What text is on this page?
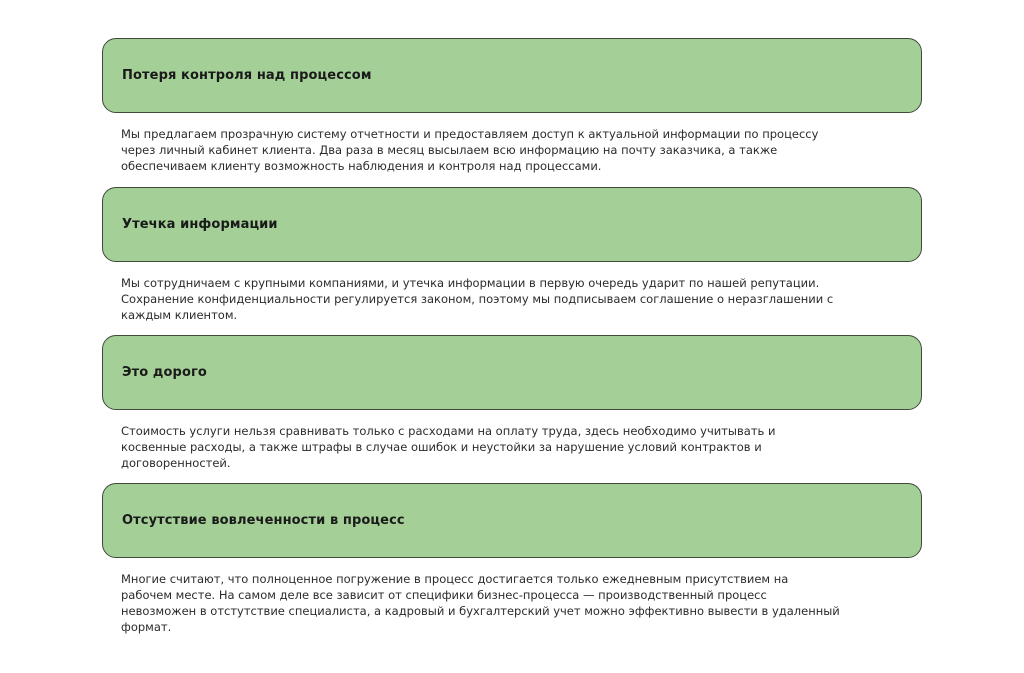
Потеря контроля над процессом
Мы предлагаем прозрачную систему отчетности и предоставляем доступ к актуальной информации по процессу через личный кабинет клиента. Два раза в месяц высылаем всю информацию на почту заказчика, а также обеспечиваем клиенту возможность наблюдения и контроля над процессами.
Утечка информации
Мы сотрудничаем с крупными компаниями, и утечка информации в первую очередь ударит по нашей репутации. Сохранение конфиденциальности регулируется законом, поэтому мы подписываем соглашение о неразглашении с каждым клиентом.
Это дорого
Стоимость услуги нельзя сравнивать только с расходами на оплату труда, здесь необходимо учитывать и косвенные расходы, а также штрафы в случае ошибок и неустойки за нарушение условий контрактов и договоренностей.
Отсутствие вовлеченности в процесс
Многие считают, что полноценное погружение в процесс достигается только ежедневным присутствием на рабочем месте. На самом деле все зависит от специфики бизнес-процесса — производственный процесс невозможен в отстутствие специалиста, а кадровый и бухгалтерский учет можно эффективно вывести в удаленный формат.
